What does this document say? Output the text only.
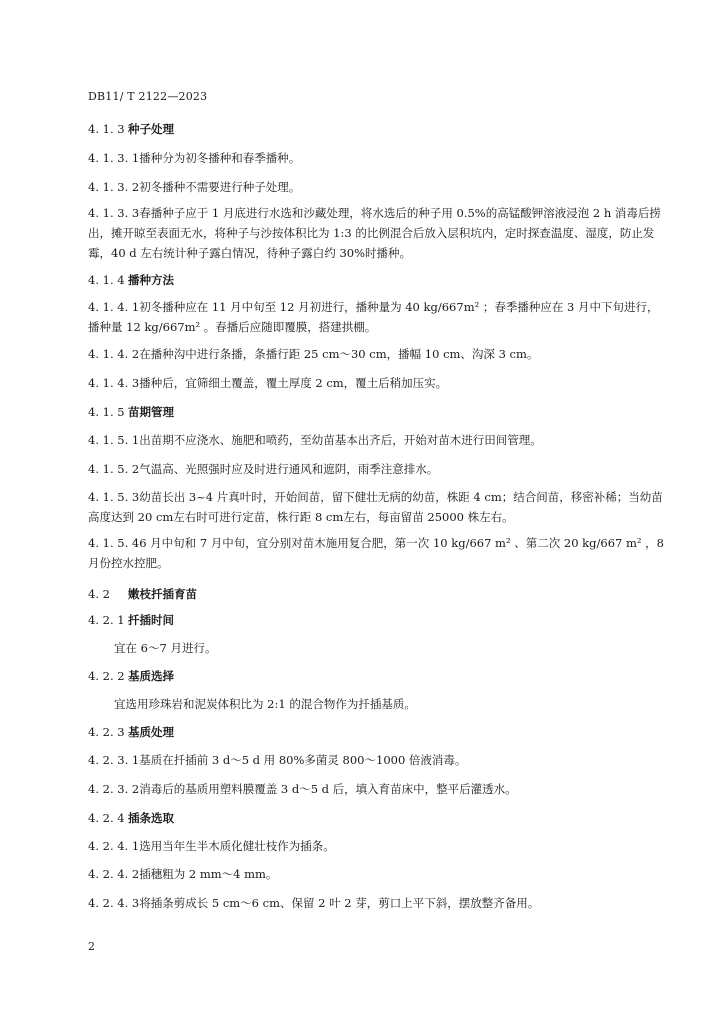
DB11/ T 2122—2023
4. 1. 3 种子处理
4. 1. 3. 1播种分为初冬播种和春季播种。
4. 1. 3. 2初冬播种不需要进行种子处理。
4. 1. 3. 3春播种子应于 1 月底进行水选和沙藏处理，将水选后的种子用 0.5%的高锰酸钾溶液浸泡 2 h 消毒后捞出，摊开晾至表面无水，将种子与沙按体积比为 1:3 的比例混合后放入层积坑内，定时探查温度、湿度，防止发霉，40 d 左右统计种子露白情况，待种子露白约 30%时播种。
4. 1. 4 播种方法
4. 1. 4. 1初冬播种应在 11 月中旬至 12 月初进行，播种量为 40 kg/667m² ；春季播种应在 3 月中下旬进行，播种量 12 kg/667m² 。春播后应随即覆膜，搭建拱棚。
4. 1. 4. 2在播种沟中进行条播，条播行距 25 cm～30 cm，播幅 10 cm、沟深 3 cm。
4. 1. 4. 3播种后，宜筛细土覆盖，覆土厚度 2 cm，覆土后稍加压实。
4. 1. 5 苗期管理
4. 1. 5. 1出苗期不应浇水、施肥和喷药，至幼苗基本出齐后，开始对苗木进行田间管理。
4. 1. 5. 2气温高、光照强时应及时进行通风和遮阴，雨季注意排水。
4. 1. 5. 3幼苗长出 3~4 片真叶时，开始间苗，留下健壮无病的幼苗，株距 4 cm；结合间苗，移密补稀；当幼苗高度达到 20 cm左右时可进行定苗，株行距 8 cm左右，每亩留苗 25000 株左右。
4. 1. 5. 46 月中旬和 7 月中旬，宜分别对苗木施用复合肥，第一次 10 kg/667 m² 、第二次 20 kg/667 m² ，8 月份控水控肥。
4. 2 嫩枝扦插育苗
4. 2. 1 扦插时间
宜在 6～7 月进行。
4. 2. 2 基质选择
宜选用珍珠岩和泥炭体积比为 2:1 的混合物作为扦插基质。
4. 2. 3 基质处理
4. 2. 3. 1基质在扦插前 3 d～5 d 用 80%多菌灵 800～1000 倍液消毒。
4. 2. 3. 2消毒后的基质用塑料膜覆盖 3 d～5 d 后，填入育苗床中，整平后灌透水。
4. 2. 4 插条选取
4. 2. 4. 1选用当年生半木质化健壮枝作为插条。
4. 2. 4. 2插穗粗为 2 mm～4 mm。
4. 2. 4. 3将插条剪成长 5 cm～6 cm、保留 2 叶 2 芽，剪口上平下斜，摆放整齐备用。
2
